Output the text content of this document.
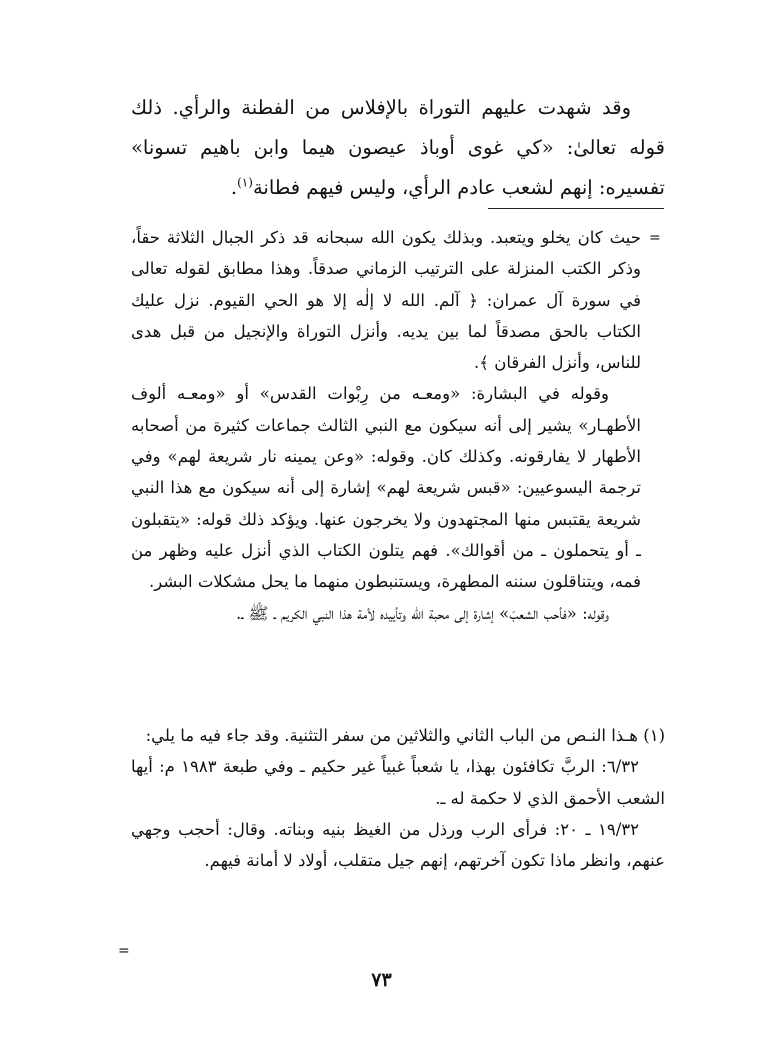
وقد شهدت عليهم التوراة بالإفلاس من الفطنة والرأي. ذلك قوله تعالىٰ: «كي غوى أوباذ عيصون هيما وابن باهيم تسونا» تفسيره: إنهم لشعب عادم الرأي، وليس فيهم فطانة$^{(١)}$.

=

حيث كان يخلو ويتعبد. وبذلك يكون الله سبحانه قد ذكر الجبال الثلاثة حقاً، وذكر الكتب المنزلة على الترتيب الزماني صدقاً. وهذا مطابق لقوله تعالى في سورة آل عمران: ﴿ آلم. الله لا إلٰه إلا هو الحي القيوم. نزل عليك الكتاب بالحق مصدقاً لما بين يديه. وأنزل التوراة والإنجيل من قبل هدى للناس، وأنزل الفرقان ﴾.

وقوله في البشارة: «ومعـه من رِبْوات القدس» أو «ومعـه ألوف الأطهـار» يشير إلى أنه سيكون مع النبي الثالث جماعات كثيرة من أصحابه الأطهار لا يفارقونه. وكذلك كان. وقوله: «وعن يمينه نار شريعة لهم» وفي ترجمة اليسوعيين: «قبس شريعة لهم» إشارة إلى أنه سيكون مع هذا النبي شريعة يقتبس منها المجتهدون ولا يخرجون عنها. ويؤكد ذلك قوله: «يتقبلون ـ أو يتحملون ـ من أقوالك». فهم يتلون الكتاب الذي أنزل عليه وظهر من فمه، ويتناقلون سننه المطهرة، ويستنبطون منهما ما يحل مشكلات البشر.

وقوله: «فأحب الشعبَ» إشارة إلى محبة الله وتأييده لأمة هذا النبي الكريم ـ ﷺ ـ.

(١) هـذا النـص من الباب الثاني والثلاثين من سفر التثنية. وقد جاء فيه ما يلي:

٦/٣٢: الربَّ تكافئون بهذا، يا شعباً غبياً غير حكيم ـ وفي طبعة ١٩٨٣ م: أيها الشعب الأحمق الذي لا حكمة له ـ.

١٩/٣٢ ـ ٢٠: فرأى الرب ورذل من الغيظ بنيه وبناته. وقال: أحجب وجهي عنهم، وانظر ماذا تكون آخرتهم، إنهم جيل متقلب، أولاد لا أمانة فيهم.

=
٧٣
